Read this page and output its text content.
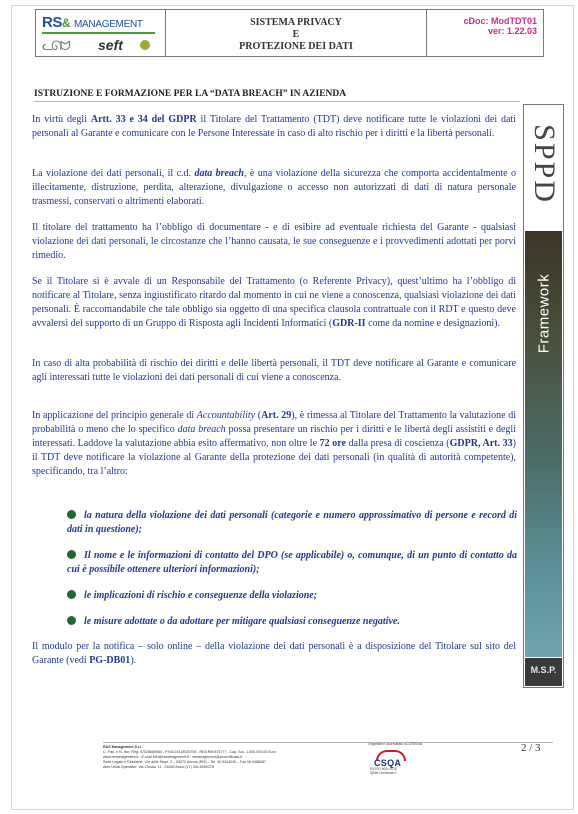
RS& MANAGEMENT
ᓚᘏᗢ seft
SISTEMA PRIVACY
E
PROTEZIONE DEI DATI
cDoc: ModTDT01
ver: 1.22.03
ISTRUZIONE E FORMAZIONE PER LA “DATA BREACH” IN AZIENDA

In virtù degli Artt. 33 e 34 del GDPR il Titolare del Trattamento (TDT) deve notificare tutte le violazioni dei dati personali al Garante e comunicare con le Persone Interessate in caso di alto rischio per i diritti e la libertà personali.

La violazione dei dati personali, il c.d. data breach, è una violazione della sicurezza che comporta accidentalmente o illecitamente, distruzione, perdita, alterazione, divulgazione o accesso non autorizzati di dati di natura personale trasmessi, conservati o altrimenti elaborati.

Il titolare del trattamento ha l’obbligo di documentare - e di esibire ad eventuale richiesta del Garante - qualsiasi violazione dei dati personali, le circostanze che l’hanno causata, le sue conseguenze e i provvedimenti adottati per porvi rimedio.

Se il Titolare si è avvale di un Responsabile del Trattamento (o Referente Privacy), quest’ultimo ha l’obbligo di notificare al Titolare, senza ingiustificato ritardo dal momento in cui ne viene a conoscenza, qualsiasi violazione dei dati personali. È raccomandabile che tale obbligo sia oggetto di una specifica clausola contrattuale con il RDT e questo deve avvalersi del supporto di un Gruppo di Risposta agli Incidenti Informatici (GDR-II come da nomine e designazioni).

In caso di alta probabilità di rischio dei diritti e delle libertà personali, il TDT deve notificare al Garante e comunicare agli interessati tutte le violazioni dei dati personali di cui viene a conoscenza.

In applicazione del principio generale di Accountability (Art. 29), è rimessa al Titolare del Trattamento la valutazione di probabilità o meno che lo specifico data breach possa presentare un rischio per i diritti e le libertà degli assistiti e degli interessati. Laddove la valutazione abbia esito affermativo, non oltre le 72 ore dalla presa di coscienza (GDPR, Art. 33) il TDT deve notificare la violazione al Garante della protezione dei dati personali (in qualità di autorità competente), specificando, tra l’altro:

la natura della violazione dei dati personali (categorie e numero approssimativo di persone e record di dati in questione);

Il nome e le informazioni di contatto del DPO (se applicabile) o, comunque, di un punto di contatto da cui è possibile ottenere ulteriori informazioni);

le implicazioni di rischio e conseguenze della violazione;

le misure adottate o da adottare per mitigare qualsiasi conseguenze negative.

Il modulo per la notifica – solo online – della violazione dei dati personali è a disposizione del Titolare sul sito del Garante (vedi PG-DB01).

SPPD
Framework
M.S.P.
R&S Management S.r.l.
C. Fisc. e N. Iscr. Reg. 07026660584 - P.IVA 01418020704 - REA RM 875777 - Cap. Soc. 1.600.000,00 Euro
www.rsmanagement.it - E-mail info@rsmanagement.it - rsmanagement@pecertificata.it
Sede Legale e Direzione: V.le delle Stepi, 2 – 00072 Ariccia (RM) – Tel. 06.9344040 – Fax 06.9488287
Altre Unità Operative: Via Chiusa, 11 - 04040 Anzio (LT) 334-6069378
Organismo accreditato ACCREDIA
CSQA
EN ISO 9001:2015
IQNet Certificate n°
2 / 3
